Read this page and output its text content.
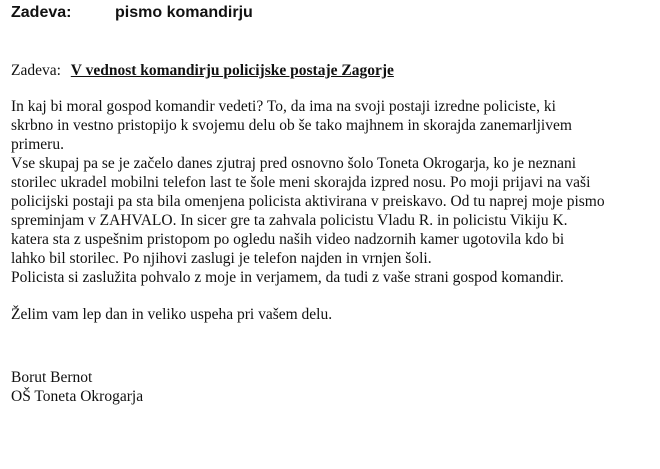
Zadeva:	pismo komandirju
Zadeva: V vednost komandirju policijske postaje Zagorje
In kaj bi moral gospod komandir vedeti? To, da ima na svoji postaji izredne policiste, ki
skrbno in vestno pristopijo k svojemu delu ob še tako majhnem in skorajda zanemarljivem
primeru.
Vse skupaj pa se je začelo danes zjutraj pred osnovno šolo Toneta Okrogarja, ko je neznani
storilec ukradel mobilni telefon last te šole meni skorajda izpred nosu. Po moji prijavi na vaši
policijski postaji pa sta bila omenjena policista aktivirana v preiskavo. Od tu naprej moje pismo
spreminjam v ZAHVALO. In sicer gre ta zahvala policistu Vladu R. in policistu Vikiju K.
katera sta z uspešnim pristopom po ogledu naših video nadzornih kamer ugotovila kdo bi
lahko bil storilec. Po njihovi zaslugi je telefon najden in vrnjen šoli.
Policista si zaslužita pohvalo z moje in verjamem, da tudi z vaše strani gospod komandir.
Želim vam lep dan in veliko uspeha pri vašem delu.
Borut Bernot
OŠ Toneta Okrogarja
